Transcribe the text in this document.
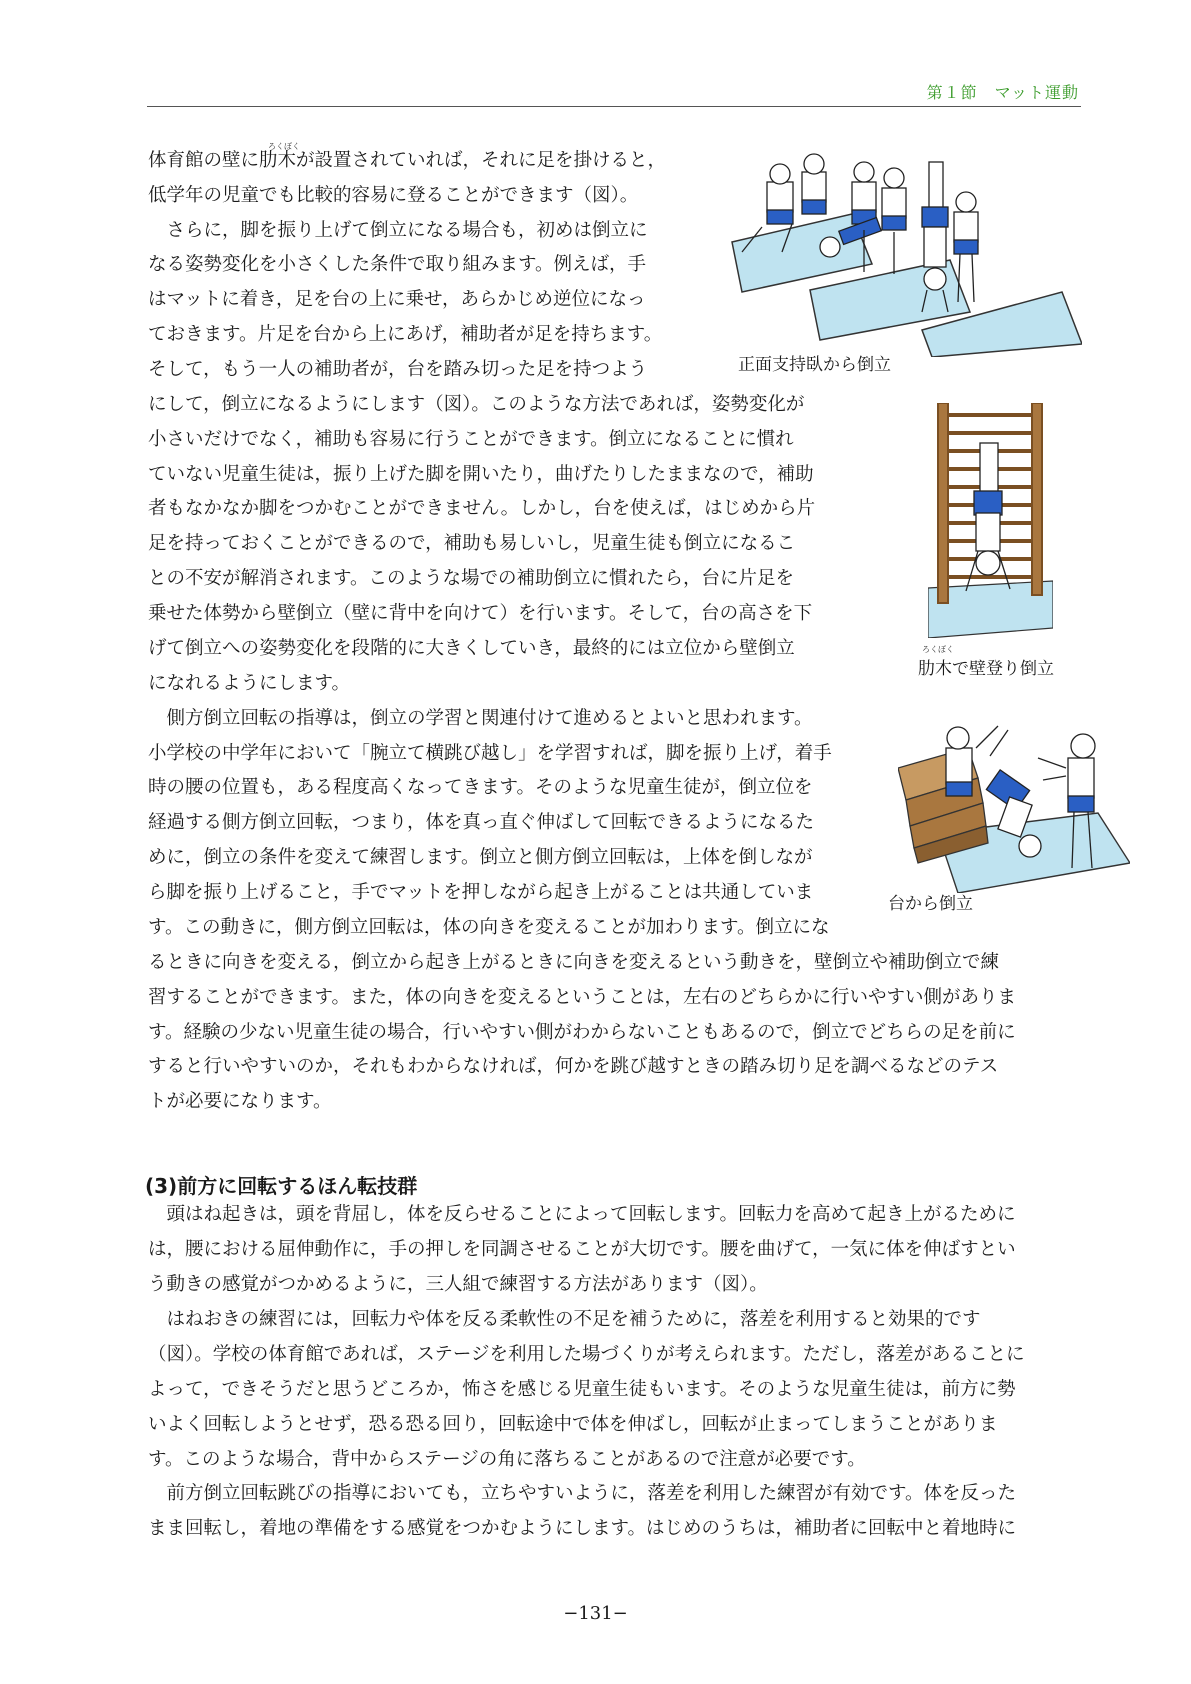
第１節　マット運動
ろくぼく
ろくぼく
体育館の壁に肋木が設置されていれば，それに足を掛けると，
低学年の児童でも比較的容易に登ることができます（図）。
　さらに，脚を振り上げて倒立になる場合も，初めは倒立に
なる姿勢変化を小さくした条件で取り組みます。例えば，手
はマットに着き，足を台の上に乗せ，あらかじめ逆位になっ
ておきます。片足を台から上にあげ，補助者が足を持ちます。
そして，もう一人の補助者が，台を踏み切った足を持つよう
にして，倒立になるようにします（図）。このような方法であれば，姿勢変化が
小さいだけでなく，補助も容易に行うことができます。倒立になることに慣れ
ていない児童生徒は，振り上げた脚を開いたり，曲げたりしたままなので，補助
者もなかなか脚をつかむことができません。しかし，台を使えば，はじめから片
足を持っておくことができるので，補助も易しいし，児童生徒も倒立になるこ
との不安が解消されます。このような場での補助倒立に慣れたら，台に片足を
乗せた体勢から壁倒立（壁に背中を向けて）を行います。そして，台の高さを下
げて倒立への姿勢変化を段階的に大きくしていき，最終的には立位から壁倒立
になれるようにします。
　側方倒立回転の指導は，倒立の学習と関連付けて進めるとよいと思われます。
小学校の中学年において「腕立て横跳び越し」を学習すれば，脚を振り上げ，着手
時の腰の位置も，ある程度高くなってきます。そのような児童生徒が，倒立位を
経過する側方倒立回転，つまり，体を真っ直ぐ伸ばして回転できるようになるた
めに，倒立の条件を変えて練習します。倒立と側方倒立回転は，上体を倒しなが
ら脚を振り上げること，手でマットを押しながら起き上がることは共通していま
す。この動きに，側方倒立回転は，体の向きを変えることが加わります。倒立にな
るときに向きを変える，倒立から起き上がるときに向きを変えるという動きを，壁倒立や補助倒立で練
習することができます。また，体の向きを変えるということは，左右のどちらかに行いやすい側がありま
す。経験の少ない児童生徒の場合，行いやすい側がわからないこともあるので，倒立でどちらの足を前に
すると行いやすいのか，それもわからなければ，何かを跳び越すときの踏み切り足を調べるなどのテス
トが必要になります。
(3)前方に回転するほん転技群
　頭はね起きは，頭を背屈し，体を反らせることによって回転します。回転力を高めて起き上がるために
は，腰における屈伸動作に，手の押しを同調させることが大切です。腰を曲げて，一気に体を伸ばすとい
う動きの感覚がつかめるように，三人組で練習する方法があります（図）。
　はねおきの練習には，回転力や体を反る柔軟性の不足を補うために，落差を利用すると効果的です
（図）。学校の体育館であれば，ステージを利用した場づくりが考えられます。ただし，落差があることに
よって，できそうだと思うどころか，怖さを感じる児童生徒もいます。そのような児童生徒は，前方に勢
いよく回転しようとせず，恐る恐る回り，回転途中で体を伸ばし，回転が止まってしまうことがありま
す。このような場合，背中からステージの角に落ちることがあるので注意が必要です。
　前方倒立回転跳びの指導においても，立ちやすいように，落差を利用した練習が有効です。体を反った
まま回転し，着地の準備をする感覚をつかむようにします。はじめのうちは，補助者に回転中と着地時に
正面支持臥から倒立
肋木で壁登り倒立
台から倒立
−131−
